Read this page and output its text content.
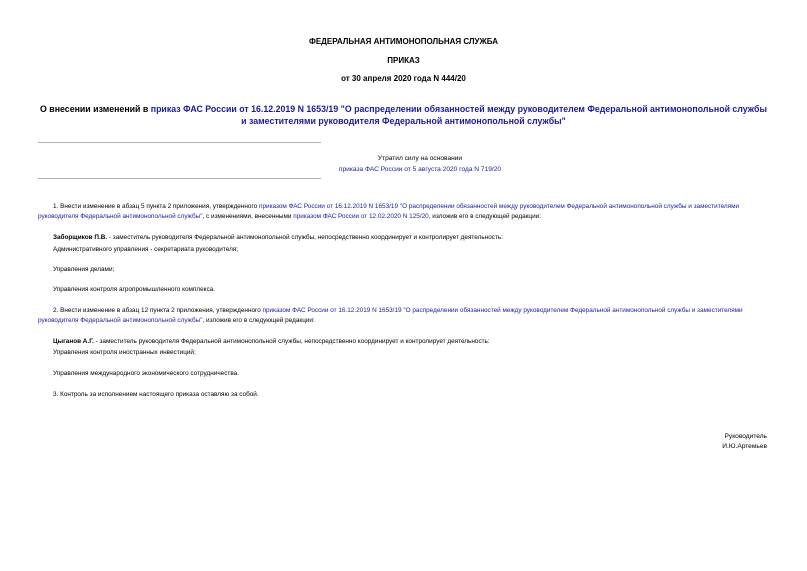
ФЕДЕРАЛЬНАЯ АНТИМОНОПОЛЬНАЯ СЛУЖБА
ПРИКАЗ
от 30 апреля 2020 года N 444/20
О внесении изменений в приказ ФАС России от 16.12.2019 N 1653/19 "О распределении обязанностей между руководителем Федеральной антимонопольной службы и заместителями руководителя Федеральной антимонопольной службы"
Утратил силу на основании
приказа ФАС России от 5 августа 2020 года N 719/20
1. Внести изменение в абзац 5 пункта 2 приложения, утвержденного приказом ФАС России от 16.12.2019 N 1653/19 "О распределении обязанностей между руководителем Федеральной антимонопольной службы и заместителями руководителя Федеральной антимонопольной службы", с изменениями, внесенными приказом ФАС России от 12.02.2020 N 125/20, изложив его в следующей редакции:
Заборщиков П.В. - заместитель руководителя Федеральной антимонопольной службы, непосредственно координирует и контролирует деятельность:
Административного управления - секретариата руководителя;
Управления делами;
Управления контроля агропромышленного комплекса.
2. Внести изменение в абзац 12 пункта 2 приложения, утвержденного приказом ФАС России от 16.12.2019 N 1653/19 "О распределении обязанностей между руководителем Федеральной антимонопольной службы и заместителями руководителя Федеральной антимонопольной службы", изложив его в следующей редакции:
Цыганов А.Г. - заместитель руководителя Федеральной антимонопольной службы, непосредственно координирует и контролирует деятельность:
Управления контроля иностранных инвестиций;
Управления международного экономического сотрудничества.
3. Контроль за исполнением настоящего приказа оставляю за собой.
Руководитель
И.Ю.Артемьев
